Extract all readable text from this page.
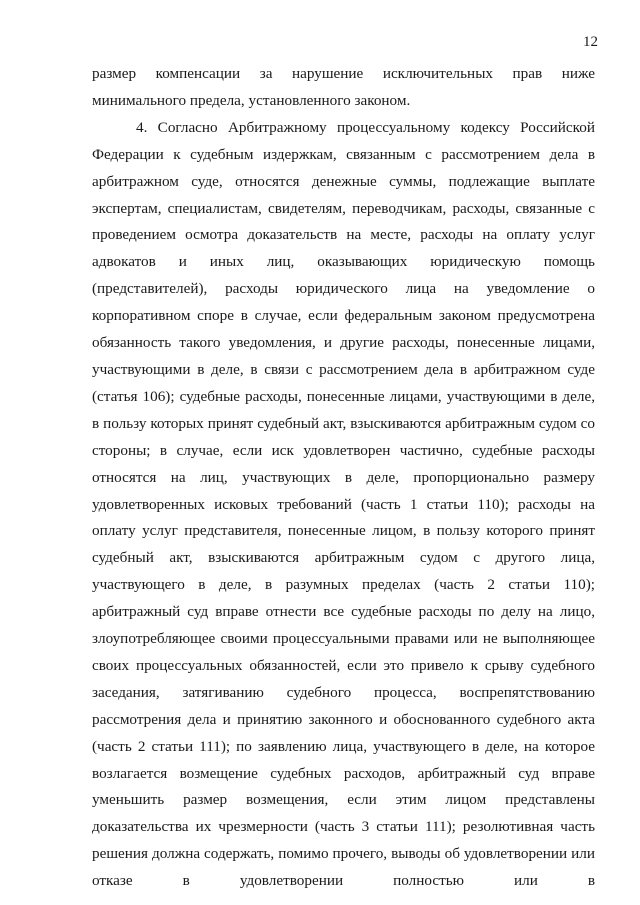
12

размер компенсации за нарушение исключительных прав ниже
минимального предела, установленного законом.

4. Согласно Арбитражному процессуальному кодексу Российской Федерации к судебным издержкам, связанным с рассмотрением дела в арбитражном суде, относятся денежные суммы, подлежащие выплате экспертам, специалистам, свидетелям, переводчикам, расходы, связанные с проведением осмотра доказательств на месте, расходы на оплату услуг адвокатов и иных лиц, оказывающих юридическую помощь (представителей), расходы юридического лица на уведомление о корпоративном споре в случае, если федеральным законом предусмотрена обязанность такого уведомления, и другие расходы, понесенные лицами, участвующими в деле, в связи с рассмотрением дела в арбитражном суде (статья 106); судебные расходы, понесенные лицами, участвующими в деле, в пользу которых принят судебный акт, взыскиваются арбитражным судом со стороны; в случае, если иск удовлетворен частично, судебные расходы относятся на лиц, участвующих в деле, пропорционально размеру удовлетворенных исковых требований (часть 1 статьи 110); расходы на оплату услуг представителя, понесенные лицом, в пользу которого принят судебный акт, взыскиваются арбитражным судом с другого лица, участвующего в деле, в разумных пределах (часть 2 статьи 110); арбитражный суд вправе отнести все судебные расходы по делу на лицо, злоупотребляющее своими процессуальными правами или не выполняющее своих процессуальных обязанностей, если это привело к срыву судебного заседания, затягиванию судебного процесса, воспрепятствованию рассмотрения дела и принятию законного и обоснованного судебного акта (часть 2 статьи 111); по заявлению лица, участвующего в деле, на которое возлагается возмещение судебных расходов, арбитражный суд вправе уменьшить размер возмещения, если этим лицом представлены доказательства их чрезмерности (часть 3 статьи 111); резолютивная часть решения должна содержать, помимо прочего, выводы об удовлетворении или отказе в удовлетворении полностью или в
